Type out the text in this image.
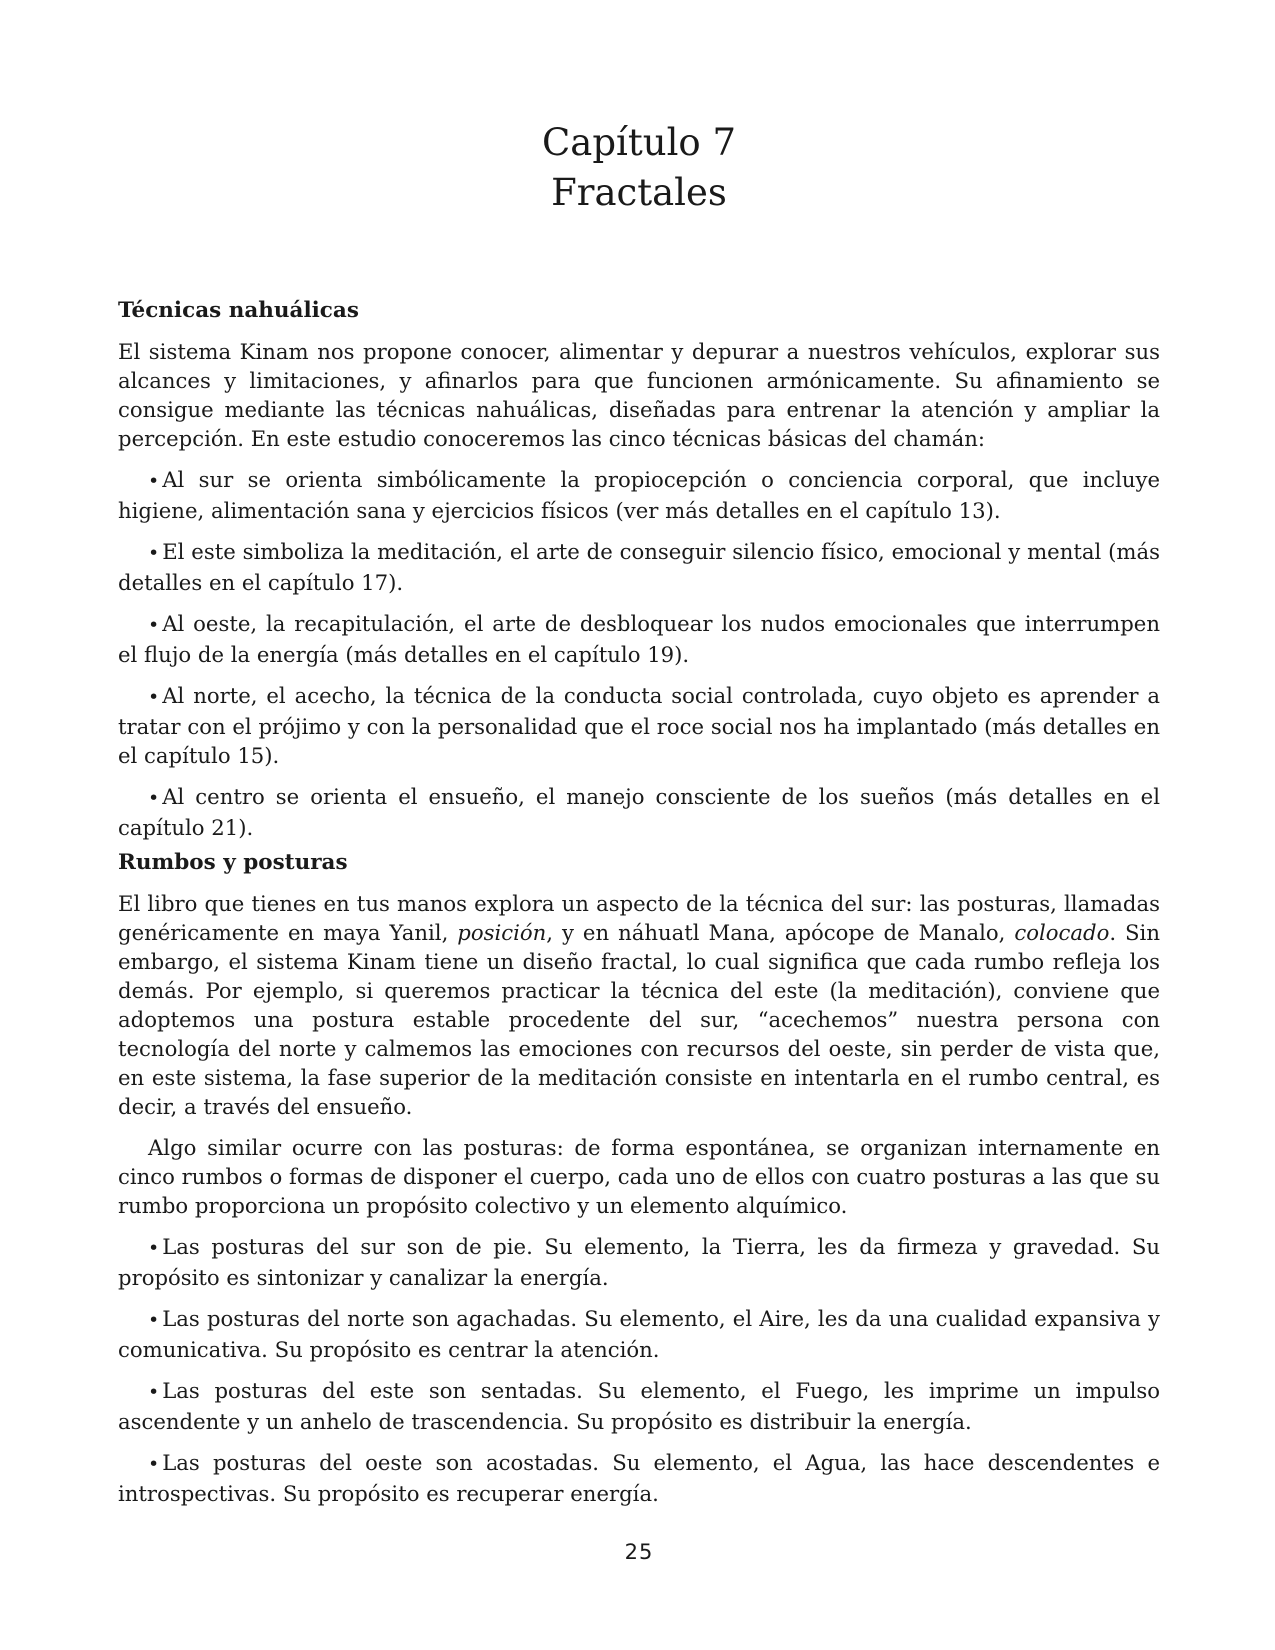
Capítulo 7
Fractales

Técnicas nahuálicas

El sistema Kinam nos propone conocer, alimentar y depurar a nuestros vehículos, explorar sus alcances y limitaciones, y afinarlos para que funcionen armónicamente. Su afinamiento se consigue mediante las técnicas nahuálicas, diseñadas para entrenar la atención y ampliar la percepción. En este estudio conoceremos las cinco técnicas básicas del chamán:

• Al sur se orienta simbólicamente la propiocepción o conciencia corporal, que incluye higiene, alimentación sana y ejercicios físicos (ver más detalles en el capítulo 13).

• El este simboliza la meditación, el arte de conseguir silencio físico, emocional y mental (más detalles en el capítulo 17).

• Al oeste, la recapitulación, el arte de desbloquear los nudos emocionales que interrumpen el flujo de la energía (más detalles en el capítulo 19).

• Al norte, el acecho, la técnica de la conducta social controlada, cuyo objeto es aprender a tratar con el prójimo y con la personalidad que el roce social nos ha implantado (más detalles en el capítulo 15).

• Al centro se orienta el ensueño, el manejo consciente de los sueños (más detalles en el capítulo 21).

Rumbos y posturas

El libro que tienes en tus manos explora un aspecto de la técnica del sur: las posturas, llamadas genéricamente en maya Yanil, posición, y en náhuatl Mana, apócope de Manalo, colocado. Sin embargo, el sistema Kinam tiene un diseño fractal, lo cual significa que cada rumbo refleja los demás. Por ejemplo, si queremos practicar la técnica del este (la meditación), conviene que adoptemos una postura estable procedente del sur, “acechemos” nuestra persona con tecnología del norte y calmemos las emociones con recursos del oeste, sin perder de vista que, en este sistema, la fase superior de la meditación consiste en intentarla en el rumbo central, es decir, a través del ensueño.

Algo similar ocurre con las posturas: de forma espontánea, se organizan internamente en cinco rumbos o formas de disponer el cuerpo, cada uno de ellos con cuatro posturas a las que su rumbo proporciona un propósito colectivo y un elemento alquímico.

• Las posturas del sur son de pie. Su elemento, la Tierra, les da firmeza y gravedad. Su propósito es sintonizar y canalizar la energía.

• Las posturas del norte son agachadas. Su elemento, el Aire, les da una cualidad expansiva y comunicativa. Su propósito es centrar la atención.

• Las posturas del este son sentadas. Su elemento, el Fuego, les imprime un impulso ascendente y un anhelo de trascendencia. Su propósito es distribuir la energía.

• Las posturas del oeste son acostadas. Su elemento, el Agua, las hace descendentes e introspectivas. Su propósito es recuperar energía.

25
